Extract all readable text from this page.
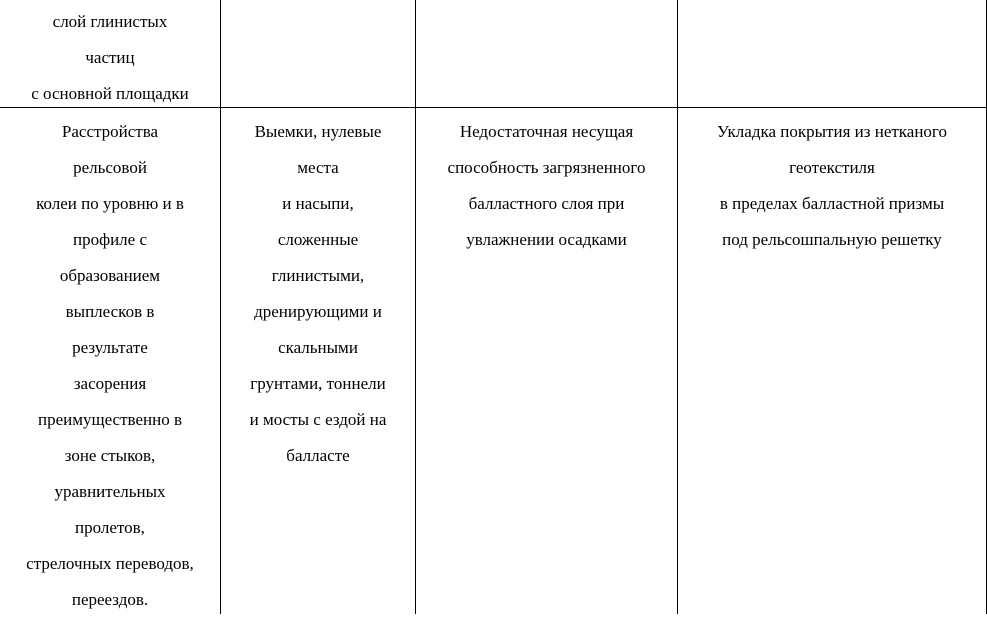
слой глинистых
частиц
с основной площадки
Расстройства
рельсовой
колеи по уровню и в
профиле с
образованием
выплесков в
результате
засорения
преимущественно в
зоне стыков,
уравнительных
пролетов,
стрелочных переводов,
переездов.
Выемки, нулевые
места
и насыпи,
сложенные
глинистыми,
дренирующими и
скальными
грунтами, тоннели
и мосты с ездой на
балласте
Недостаточная несущая
способность загрязненного
балластного слоя при
увлажнении осадками
Укладка покрытия из нетканого
геотекстиля
в пределах балластной призмы
под рельсошпальную решетку
